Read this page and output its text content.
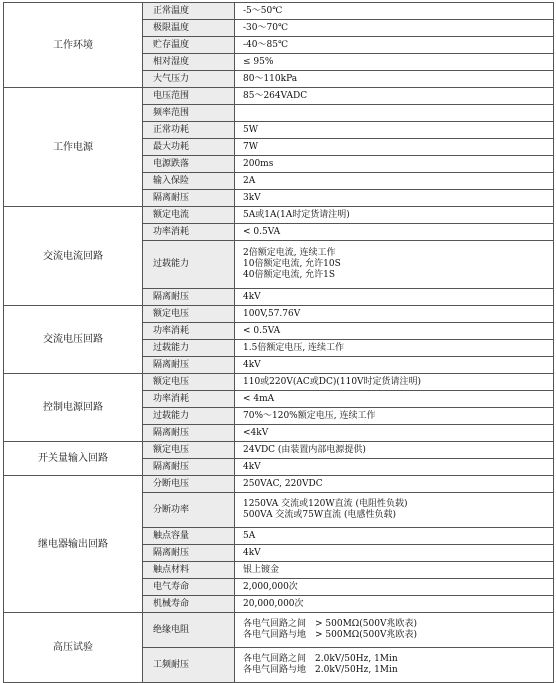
工作环境	正常温度	-5～50℃

	极限温度	-30～70℃

	贮存温度	-40～85℃

	相对湿度	≤ 95%

	大气压力	80～110kPa

工作电源	电压范围	85～264VADC

	频率范围	

	正常功耗	5W

	最大功耗	7W

	电源跌落	200ms

	输入保险	2A

	隔离耐压	3kV

交流电流回路	额定电流	5A或1A(1A时定货请注明)

	功率消耗	< 0.5VA

	过载能力	2倍额定电流, 连续工作
10倍额定电流, 允许10S
40倍额定电流, 允许1S

	隔离耐压	4kV

交流电压回路	额定电压	100V,57.76V

	功率消耗	< 0.5VA

	过载能力	1.5倍额定电压, 连续工作

	隔离耐压	4kV

控制电源回路	额定电压	110或220V(AC或DC)(110V时定货请注明)

	功率消耗	< 4mA

	过载能力	70%～120%额定电压, 连续工作

	隔离耐压	<4kV

开关量输入回路	额定电压	24VDC (由装置内部电源提供)

	隔离耐压	4kV

继电器输出回路	分断电压	250VAC, 220VDC

	分断功率	1250VA 交流或120W直流 (电阻性负载)
500VA 交流或75W直流 (电感性负载)

	触点容量	5A

	隔离耐压	4kV

	触点材料	银上镀金

	电气寿命	2,000,000次

	机械寿命	20,000,000次

高压试验	绝缘电阻	各电气回路之间　> 500MΩ(500V兆欧表)
各电气回路与地　> 500MΩ(500V兆欧表)

	工频耐压	各电气回路之间　2.0kV/50Hz, 1Min
各电气回路与地　2.0kV/50Hz, 1Min
